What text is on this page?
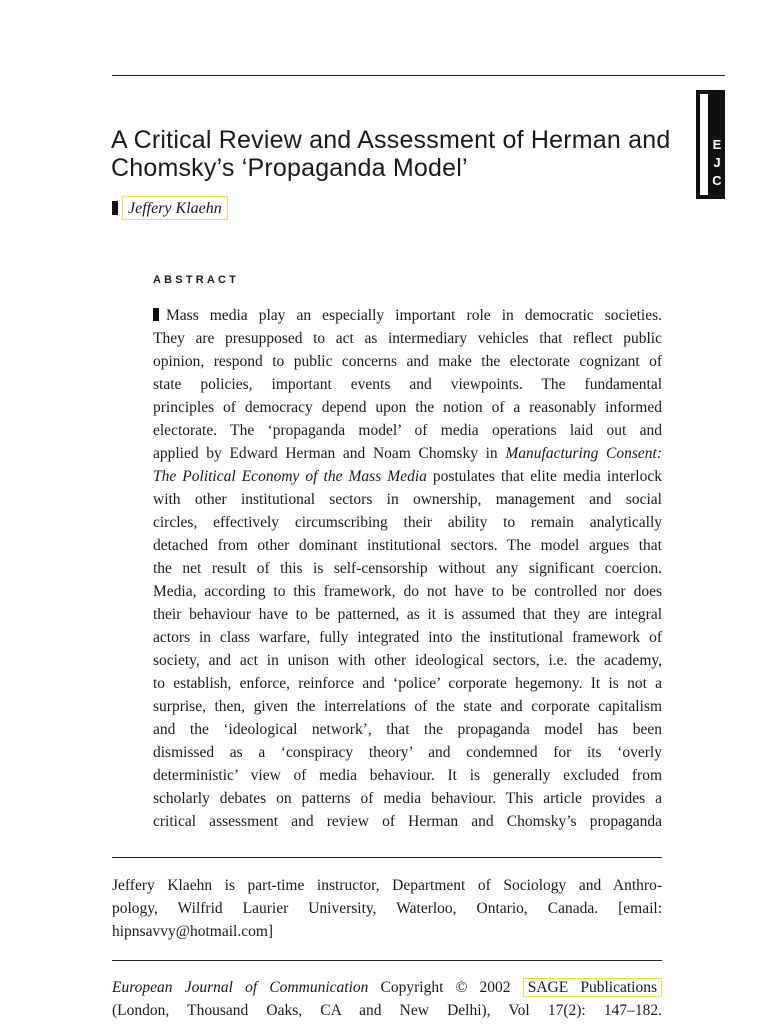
E
J
C
A Critical Review and Assessment of Herman and
Chomsky’s ‘Propaganda Model’
Jeffery Klaehn
ABSTRACT
Mass media play an especially important role in democratic societies.
They are presupposed to act as intermediary vehicles that reflect public
opinion, respond to public concerns and make the electorate cognizant of
state policies, important events and viewpoints. The fundamental
principles of democracy depend upon the notion of a reasonably informed
electorate. The ‘propaganda model’ of media operations laid out and
applied by Edward Herman and Noam Chomsky in Manufacturing Consent:
The Political Economy of the Mass Media postulates that elite media interlock
with other institutional sectors in ownership, management and social
circles, effectively circumscribing their ability to remain analytically
detached from other dominant institutional sectors. The model argues that
the net result of this is self-censorship without any significant coercion.
Media, according to this framework, do not have to be controlled nor does
their behaviour have to be patterned, as it is assumed that they are integral
actors in class warfare, fully integrated into the institutional framework of
society, and act in unison with other ideological sectors, i.e. the academy,
to establish, enforce, reinforce and ‘police’ corporate hegemony. It is not a
surprise, then, given the interrelations of the state and corporate capitalism
and the ‘ideological network’, that the propaganda model has been
dismissed as a ‘conspiracy theory’ and condemned for its ‘overly
deterministic’ view of media behaviour. It is generally excluded from
scholarly debates on patterns of media behaviour. This article provides a
critical assessment and review of Herman and Chomsky’s propaganda
Jeffery Klaehn is part-time instructor, Department of Sociology and Anthro-
pology, Wilfrid Laurier University, Waterloo, Ontario, Canada. [email:
hipnsavvy@hotmail.com]
European Journal of Communication Copyright © 2002 SAGE Publications
(London, Thousand Oaks, CA and New Delhi), Vol 17(2): 147–182.
